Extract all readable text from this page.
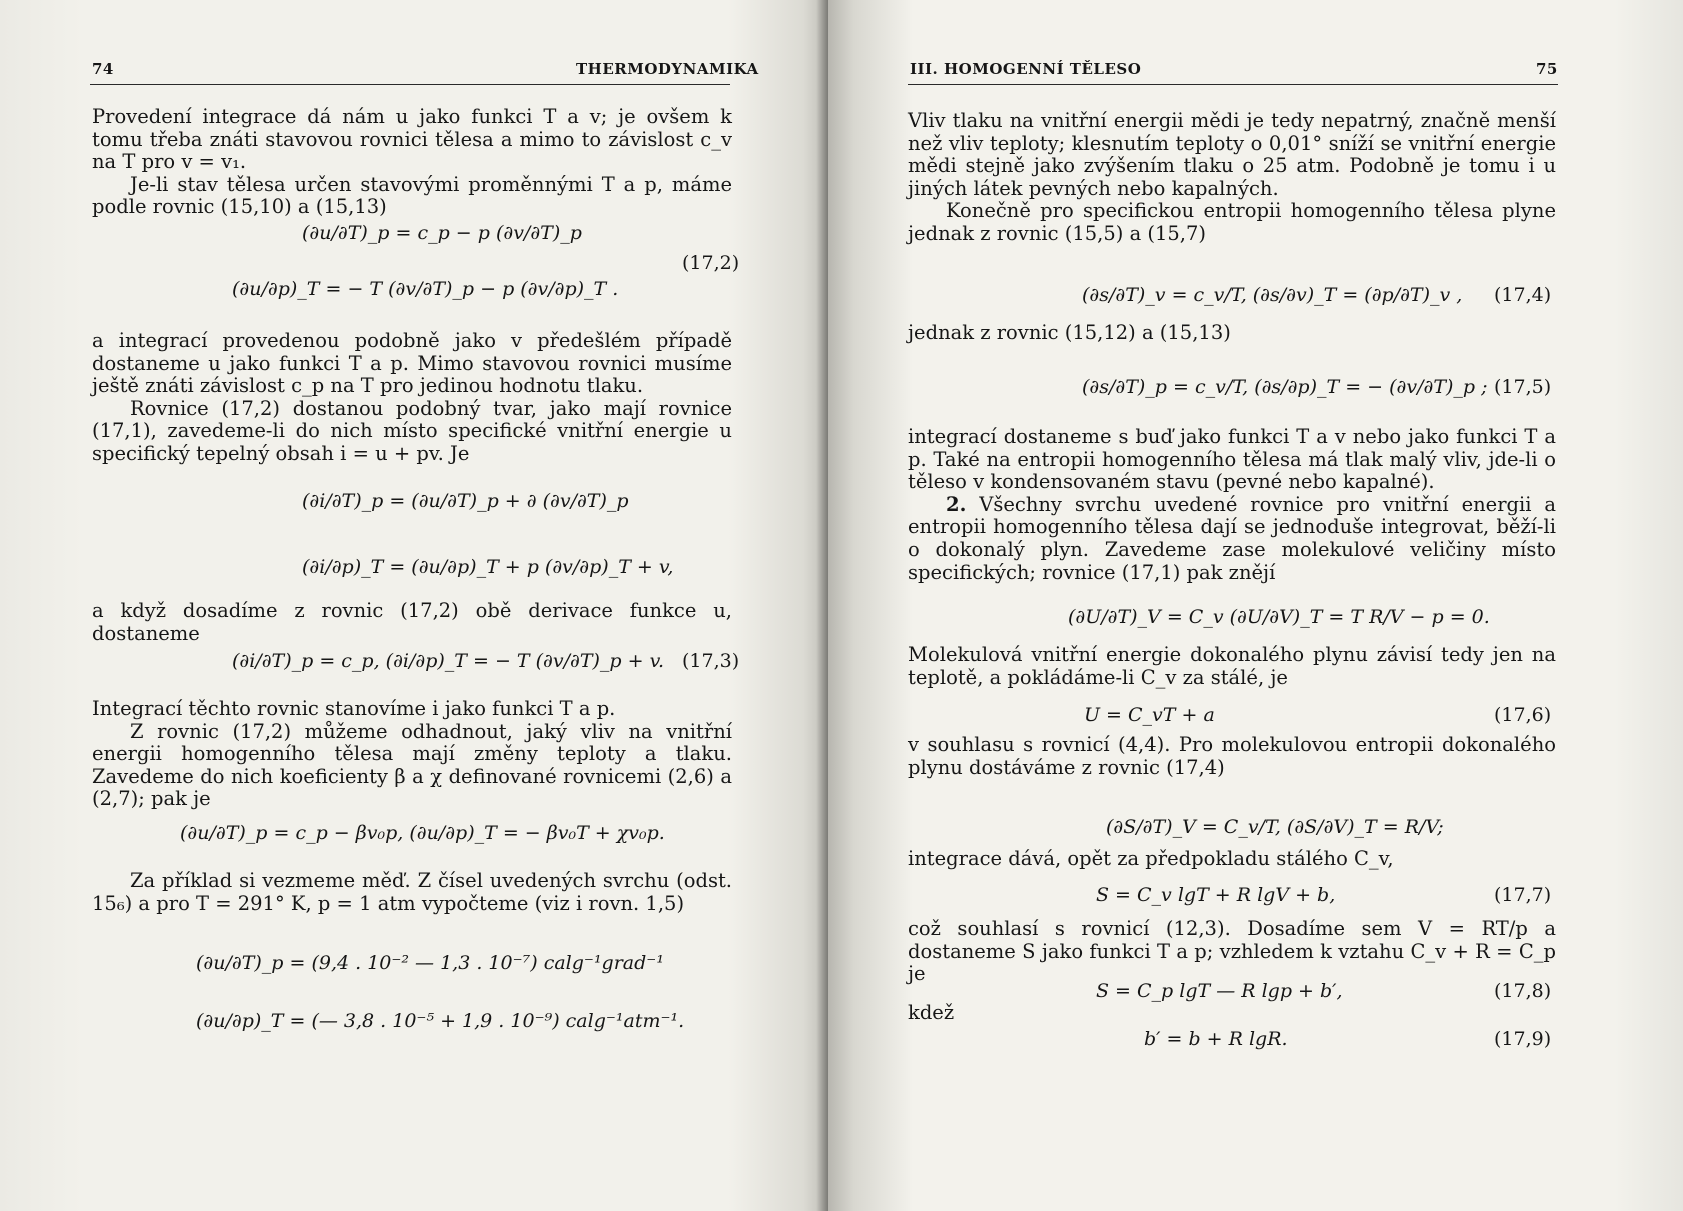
74	THERMODYNAMIKA

Provedení integrace dá nám u jako funkci T a v; je ovšem k tomu třeba znáti stavovou rovnici tělesa a mimo to závislost c_v na T pro v = v₁.

Je-li stav tělesa určen stavovými proměnnými T a p, máme podle rovnic (15,10) a (15,13)

(∂u/∂T)_p = c_p − p (∂v/∂T)_p
(∂u/∂p)_T = − T (∂v/∂T)_p − p (∂v/∂p)_T .
(17,2)

a integrací provedenou podobně jako v předešlém případě dostaneme u jako funkci T a p. Mimo stavovou rovnici musíme ještě znáti závislost c_p na T pro jedinou hodnotu tlaku.

Rovnice (17,2) dostanou podobný tvar, jako mají rovnice (17,1), zavedeme-li do nich místo specifické vnitřní energie u specifický tepelný obsah i = u + pv. Je

(∂i/∂T)_p = (∂u/∂T)_p + ∂ (∂v/∂T)_p
(∂i/∂p)_T = (∂u/∂p)_T + p (∂v/∂p)_T + v,

a když dosadíme z rovnic (17,2) obě derivace funkce u, dostaneme

(∂i/∂T)_p = c_p, (∂i/∂p)_T = − T (∂v/∂T)_p + v. (17,3)

Integrací těchto rovnic stanovíme i jako funkci T a p.

Z rovnic (17,2) můžeme odhadnout, jaký vliv na vnitřní energii homogenního tělesa mají změny teploty a tlaku. Zavedeme do nich koeficienty β a χ definované rovnicemi (2,6) a (2,7); pak je

(∂u/∂T)_p = c_p − βv₀p, (∂u/∂p)_T = − βv₀T + χv₀p.

Za příklad si vezmeme měď. Z čísel uvedených svrchu (odst. 15₆) a pro T = 291° K, p = 1 atm vypočteme (viz i rovn. 1,5)

(∂u/∂T)_p = (9,4 . 10⁻² — 1,3 . 10⁻⁷) calg⁻¹grad⁻¹
(∂u/∂p)_T = (— 3,8 . 10⁻⁵ + 1,9 . 10⁻⁹) calg⁻¹atm⁻¹.
III. HOMOGENNÍ TĚLESO	75

Vliv tlaku na vnitřní energii mědi je tedy nepatrný, značně menší než vliv teploty; klesnutím teploty o 0,01° sníží se vnitřní energie mědi stejně jako zvýšením tlaku o 25 atm. Podobně je tomu i u jiných látek pevných nebo kapalných.

Konečně pro specifickou entropii homogenního tělesa plyne jednak z rovnic (15,5) a (15,7)

(∂s/∂T)_v = c_v/T, (∂s/∂v)_T = (∂p/∂T)_v , (17,4)

jednak z rovnic (15,12) a (15,13)

(∂s/∂T)_p = c_v/T, (∂s/∂p)_T = − (∂v/∂T)_p ; (17,5)

integrací dostaneme s buď jako funkci T a v nebo jako funkci T a p. Také na entropii homogenního tělesa má tlak malý vliv, jde-li o těleso v kondensovaném stavu (pevné nebo kapalné).

2. Všechny svrchu uvedené rovnice pro vnitřní energii a entropii homogenního tělesa dají se jednoduše integrovat, běží-li o dokonalý plyn. Zavedeme zase molekulové veličiny místo specifických; rovnice (17,1) pak znějí

(∂U/∂T)_V = C_v (∂U/∂V)_T = T R/V − p = 0.

Molekulová vnitřní energie dokonalého plynu závisí tedy jen na teplotě, a pokládáme-li C_v za stálé, je

U = C_vT + a	(17,6)

v souhlasu s rovnicí (4,4). Pro molekulovou entropii dokonalého plynu dostáváme z rovnic (17,4)

(∂S/∂T)_V = C_v/T, (∂S/∂V)_T = R/V;

integrace dává, opět za předpokladu stálého C_v,

S = C_v lgT + R lgV + b,	(17,7)

což souhlasí s rovnicí (12,3). Dosadíme sem V = RT/p a dostaneme S jako funkci T a p; vzhledem k vztahu C_v + R = C_p je

S = C_p lgT — R lgp + b′,	(17,8)

kdež

b′ = b + R lgR.	(17,9)
